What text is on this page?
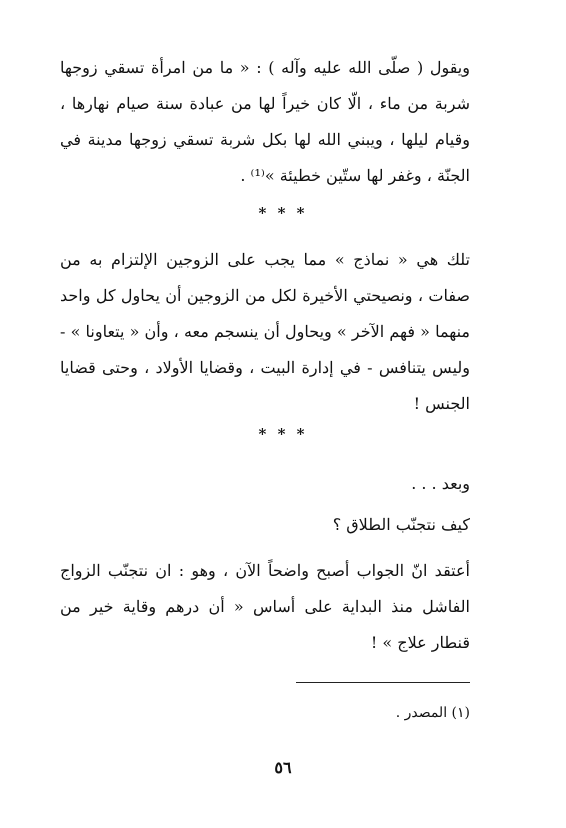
ويقول ( صلّى الله عليه وآله ) : « ما من امرأة تسقي زوجها شربة من ماء ، الّا كان خيراً لها من عبادة سنة صيام نهارها ، وقيام ليلها ، ويبني الله لها بكل شربة تسقي زوجها مدينة في الجنّة ، وغفر لها ستّين خطيئة »⁽¹⁾ .

* * *

تلك هي « نماذج » مما يجب على الزوجين الإلتزام به من صفات ، ونصيحتي الأخيرة لكل من الزوجين أن يحاول كل واحد منهما « فهم الآخر » ويحاول أن ينسجم معه ، وأن « يتعاونا » - وليس يتنافس - في إدارة البيت ، وقضايا الأولاد ، وحتى قضايا الجنس !

* * *

وبعد . . .

كيف نتجنّب الطلاق ؟

أعتقد انّ الجواب أصبح واضحاً الآن ، وهو : ان نتجنّب الزواج الفاشل منذ البداية على أساس « أن درهم وقاية خير من قنطار علاج » !

(١) المصدر .

٥٦
